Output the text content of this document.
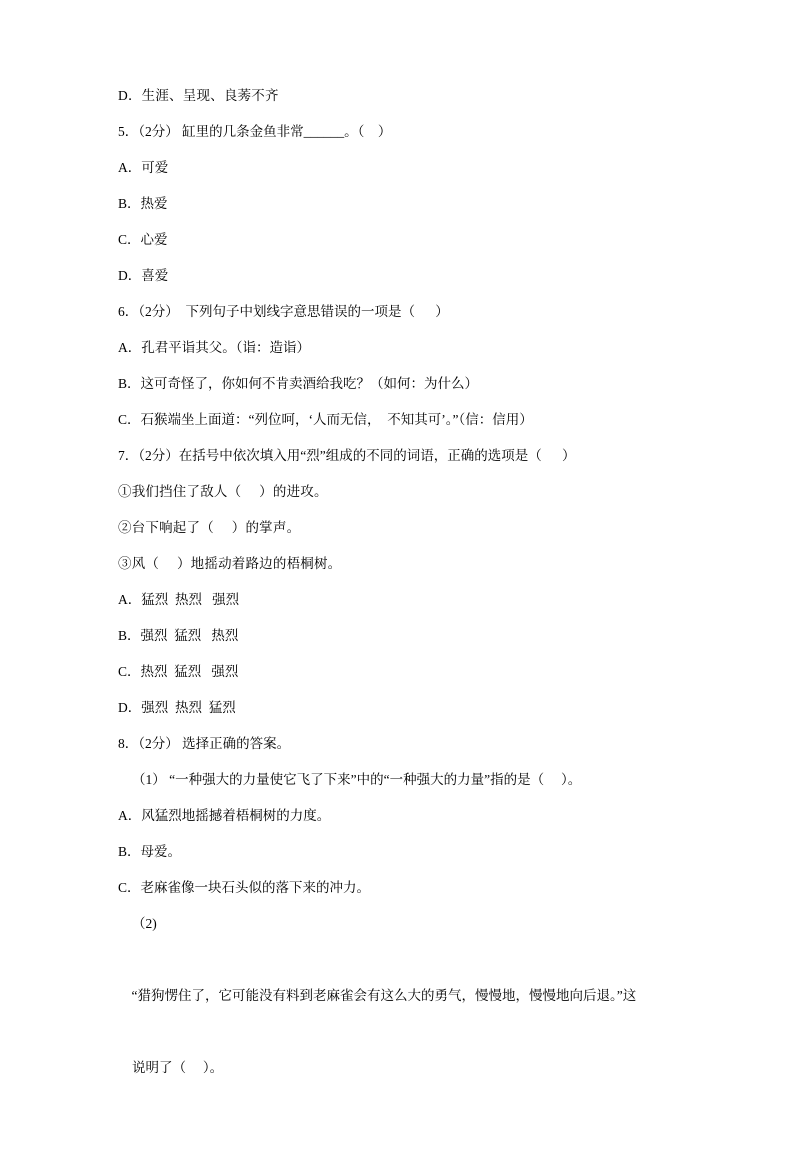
D．生涯、呈现、良莠不齐
5．（2分） 缸里的几条金鱼非常______。（    ）
A．可爱
B．热爱
C．心爱
D．喜爱
6．（2分）  下列句子中划线字意思错误的一项是（      ）
A．孔君平诣其父。（诣：造诣）
B．这可奇怪了，你如何不肯卖酒给我吃？（如何：为什么）
C．石猴端坐上面道：“列位呵，‘人而无信，  不知其可’。”（信：信用）
7．（2分）在括号中依次填入用“烈”组成的不同的词语，正确的选项是（      ）
①我们挡住了敌人（     ）的进攻。
②台下响起了（     ）的掌声。
③风（     ）地摇动着路边的梧桐树。
A．猛烈  热烈   强烈
B．强烈  猛烈   热烈
C．热烈  猛烈   强烈
D．强烈  热烈  猛烈
8．（2分） 选择正确的答案。
（1） “一种强大的力量使它飞了下来”中的“一种强大的力量”指的是（     ）。
A．风猛烈地摇撼着梧桐树的力度。
B．母爱。
C．老麻雀像一块石头似的落下来的冲力。
（2)

“猎狗愣住了，它可能没有料到老麻雀会有这么大的勇气，慢慢地，慢慢地向后退。”这

说明了（     ）。
